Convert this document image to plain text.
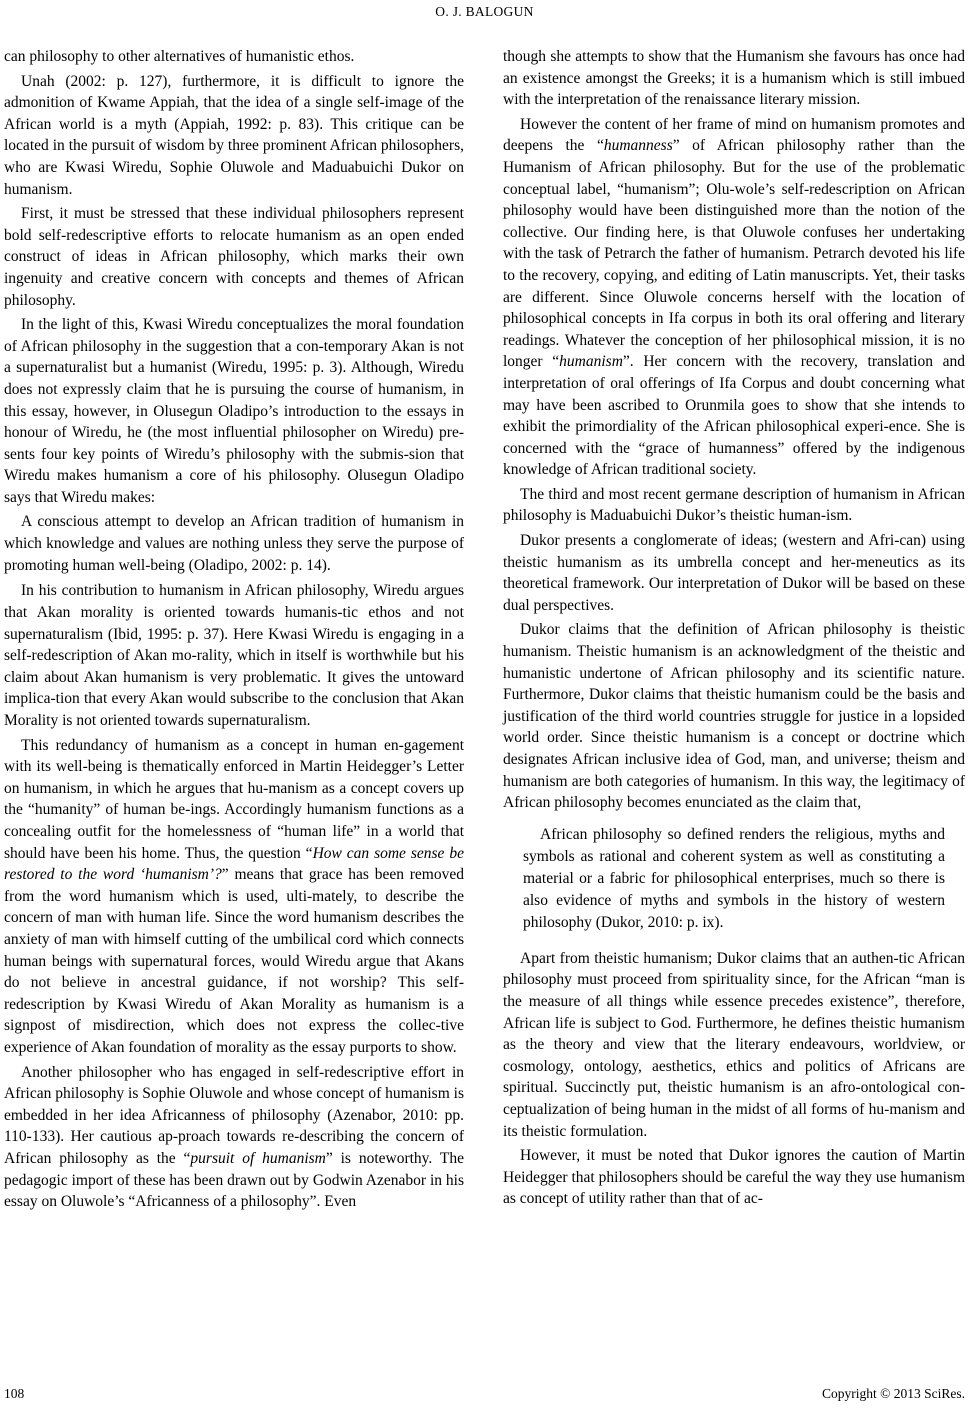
O. J. BALOGUN

can philosophy to other alternatives of humanistic ethos.

Unah (2002: p. 127), furthermore, it is difficult to ignore the admonition of Kwame Appiah, that the idea of a single self-image of the African world is a myth (Appiah, 1992: p. 83). This critique can be located in the pursuit of wisdom by three prominent African philosophers, who are Kwasi Wiredu, Sophie Oluwole and Maduabuichi Dukor on humanism.

First, it must be stressed that these individual philosophers represent bold self-redescriptive efforts to relocate humanism as an open ended construct of ideas in African philosophy, which marks their own ingenuity and creative concern with concepts and themes of African philosophy.

In the light of this, Kwasi Wiredu conceptualizes the moral foundation of African philosophy in the suggestion that a con-temporary Akan is not a supernaturalist but a humanist (Wiredu, 1995: p. 3). Although, Wiredu does not expressly claim that he is pursuing the course of humanism, in this essay, however, in Olusegun Oladipo’s introduction to the essays in honour of Wiredu, he (the most influential philosopher on Wiredu) pre-sents four key points of Wiredu’s philosophy with the submis-sion that Wiredu makes humanism a core of his philosophy. Olusegun Oladipo says that Wiredu makes:

A conscious attempt to develop an African tradition of humanism in which knowledge and values are nothing unless they serve the purpose of promoting human well-being (Oladipo, 2002: p. 14).

In his contribution to humanism in African philosophy, Wiredu argues that Akan morality is oriented towards humanis-tic ethos and not supernaturalism (Ibid, 1995: p. 37). Here Kwasi Wiredu is engaging in a self-redescription of Akan mo-rality, which in itself is worthwhile but his claim about Akan humanism is very problematic. It gives the untoward implica-tion that every Akan would subscribe to the conclusion that Akan Morality is not oriented towards supernaturalism.

This redundancy of humanism as a concept in human en-gagement with its well-being is thematically enforced in Martin Heidegger’s Letter on humanism, in which he argues that hu-manism as a concept covers up the “humanity” of human be-ings. Accordingly humanism functions as a concealing outfit for the homelessness of “human life” in a world that should have been his home. Thus, the question “How can some sense be restored to the word ‘humanism’?” means that grace has been removed from the word humanism which is used, ulti-mately, to describe the concern of man with human life. Since the word humanism describes the anxiety of man with himself cutting of the umbilical cord which connects human beings with supernatural forces, would Wiredu argue that Akans do not believe in ancestral guidance, if not worship? This self-redescription by Kwasi Wiredu of Akan Morality as humanism is a signpost of misdirection, which does not express the collec-tive experience of Akan foundation of morality as the essay purports to show.

Another philosopher who has engaged in self-redescriptive effort in African philosophy is Sophie Oluwole and whose concept of humanism is embedded in her idea Africanness of philosophy (Azenabor, 2010: pp. 110-133). Her cautious ap-proach towards re-describing the concern of African philosophy as the “pursuit of humanism” is noteworthy. The pedagogic import of these has been drawn out by Godwin Azenabor in his essay on Oluwole’s “Africanness of a philosophy”. Even

though she attempts to show that the Humanism she favours has once had an existence amongst the Greeks; it is a humanism which is still imbued with the interpretation of the renaissance literary mission.

However the content of her frame of mind on humanism promotes and deepens the “humanness” of African philosophy rather than the Humanism of African philosophy. But for the use of the problematic conceptual label, “humanism”; Olu-wole’s self-redescription on African philosophy would have been distinguished more than the notion of the collective. Our finding here, is that Oluwole confuses her undertaking with the task of Petrarch the father of humanism. Petrarch devoted his life to the recovery, copying, and editing of Latin manuscripts. Yet, their tasks are different. Since Oluwole concerns herself with the location of philosophical concepts in Ifa corpus in both its oral offering and literary readings. Whatever the conception of her philosophical mission, it is no longer “humanism”. Her concern with the recovery, translation and interpretation of oral offerings of Ifa Corpus and doubt concerning what may have been ascribed to Orunmila goes to show that she intends to exhibit the primordiality of the African philosophical experi-ence. She is concerned with the “grace of humanness” offered by the indigenous knowledge of African traditional society.

The third and most recent germane description of humanism in African philosophy is Maduabuichi Dukor’s theistic human-ism.

Dukor presents a conglomerate of ideas; (western and Afri-can) using theistic humanism as its umbrella concept and her-meneutics as its theoretical framework. Our interpretation of Dukor will be based on these dual perspectives.

Dukor claims that the definition of African philosophy is theistic humanism. Theistic humanism is an acknowledgment of the theistic and humanistic undertone of African philosophy and its scientific nature. Furthermore, Dukor claims that theistic humanism could be the basis and justification of the third world countries struggle for justice in a lopsided world order. Since theistic humanism is a concept or doctrine which designates African inclusive idea of God, man, and universe; theism and humanism are both categories of humanism. In this way, the legitimacy of African philosophy becomes enunciated as the claim that,

African philosophy so defined renders the religious, myths and symbols as rational and coherent system as well as constituting a material or a fabric for philosophical enterprises, much so there is also evidence of myths and symbols in the history of western philosophy (Dukor, 2010: p. ix).

Apart from theistic humanism; Dukor claims that an authen-tic African philosophy must proceed from spirituality since, for the African “man is the measure of all things while essence precedes existence”, therefore, African life is subject to God. Furthermore, he defines theistic humanism as the theory and view that the literary endeavours, worldview, or cosmology, ontology, aesthetics, ethics and politics of Africans are spiritual. Succinctly put, theistic humanism is an afro-ontological con-ceptualization of being human in the midst of all forms of hu-manism and its theistic formulation.

However, it must be noted that Dukor ignores the caution of Martin Heidegger that philosophers should be careful the way they use humanism as concept of utility rather than that of ac-

108	Copyright © 2013 SciRes.
